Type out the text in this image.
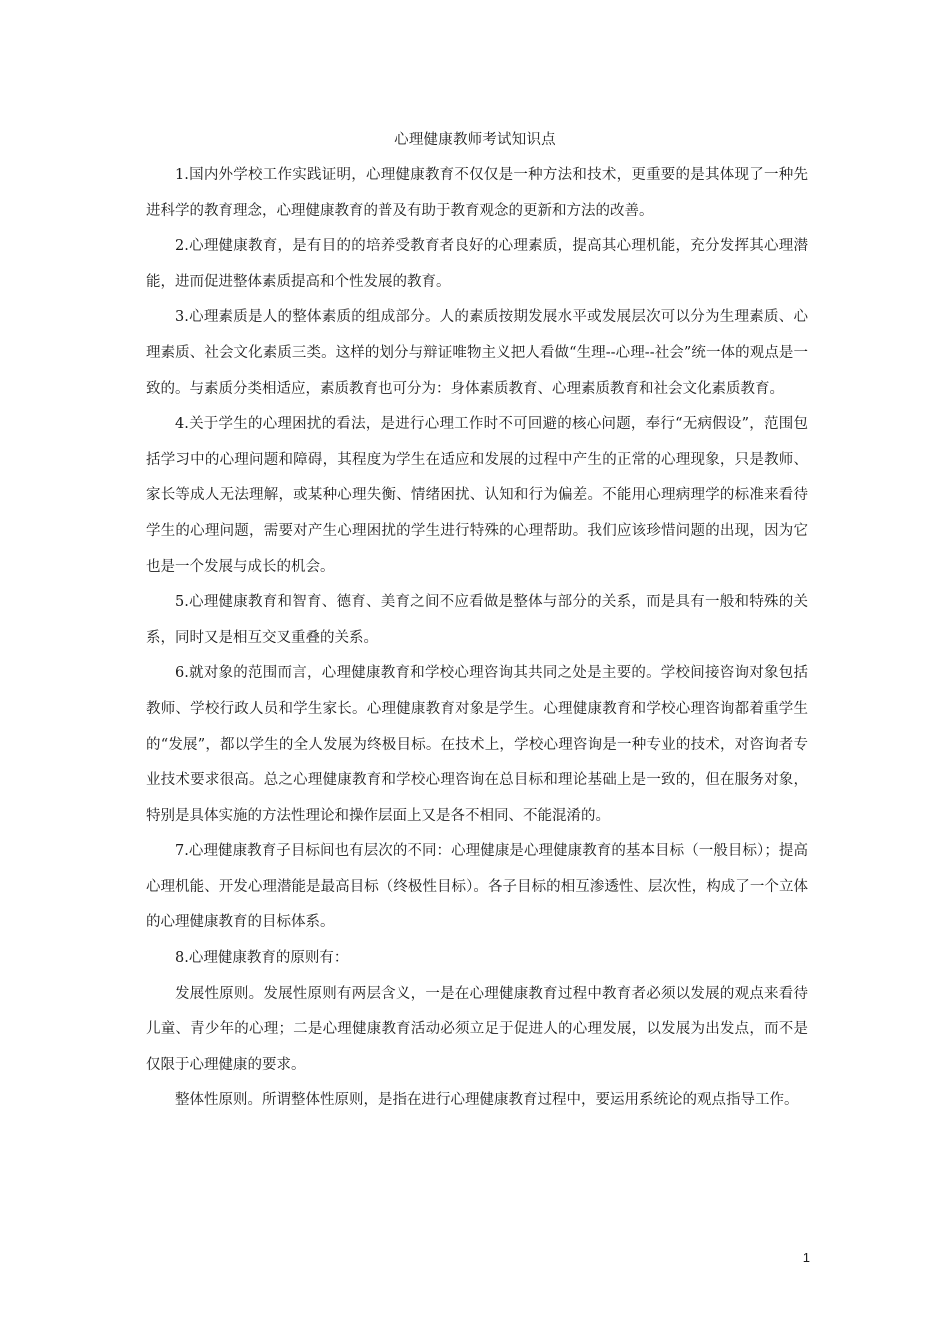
心理健康教师考试知识点

1.国内外学校工作实践证明，心理健康教育不仅仅是一种方法和技术，更重要的是其体现了一种先进科学的教育理念，心理健康教育的普及有助于教育观念的更新和方法的改善。

2.心理健康教育，是有目的的培养受教育者良好的心理素质，提高其心理机能，充分发挥其心理潜能，进而促进整体素质提高和个性发展的教育。

3.心理素质是人的整体素质的组成部分。人的素质按期发展水平或发展层次可以分为生理素质、心理素质、社会文化素质三类。这样的划分与辩证唯物主义把人看做“生理--心理--社会”统一体的观点是一致的。与素质分类相适应，素质教育也可分为：身体素质教育、心理素质教育和社会文化素质教育。

4.关于学生的心理困扰的看法，是进行心理工作时不可回避的核心问题，奉行“无病假设”，范围包括学习中的心理问题和障碍，其程度为学生在适应和发展的过程中产生的正常的心理现象，只是教师、家长等成人无法理解，或某种心理失衡、情绪困扰、认知和行为偏差。不能用心理病理学的标准来看待学生的心理问题，需要对产生心理困扰的学生进行特殊的心理帮助。我们应该珍惜问题的出现，因为它也是一个发展与成长的机会。

5.心理健康教育和智育、德育、美育之间不应看做是整体与部分的关系，而是具有一般和特殊的关系，同时又是相互交叉重叠的关系。

6.就对象的范围而言，心理健康教育和学校心理咨询其共同之处是主要的。学校间接咨询对象包括教师、学校行政人员和学生家长。心理健康教育对象是学生。心理健康教育和学校心理咨询都着重学生的“发展”，都以学生的全人发展为终极目标。在技术上，学校心理咨询是一种专业的技术，对咨询者专业技术要求很高。总之心理健康教育和学校心理咨询在总目标和理论基础上是一致的，但在服务对象，特别是具体实施的方法性理论和操作层面上又是各不相同、不能混淆的。

7.心理健康教育子目标间也有层次的不同：心理健康是心理健康教育的基本目标（一般目标）；提高心理机能、开发心理潜能是最高目标（终极性目标）。各子目标的相互渗透性、层次性，构成了一个立体的心理健康教育的目标体系。

8.心理健康教育的原则有：

发展性原则。发展性原则有两层含义，一是在心理健康教育过程中教育者必须以发展的观点来看待儿童、青少年的心理；二是心理健康教育活动必须立足于促进人的心理发展，以发展为出发点，而不是仅限于心理健康的要求。

整体性原则。所谓整体性原则，是指在进行心理健康教育过程中，要运用系统论的观点指导工作。

1
